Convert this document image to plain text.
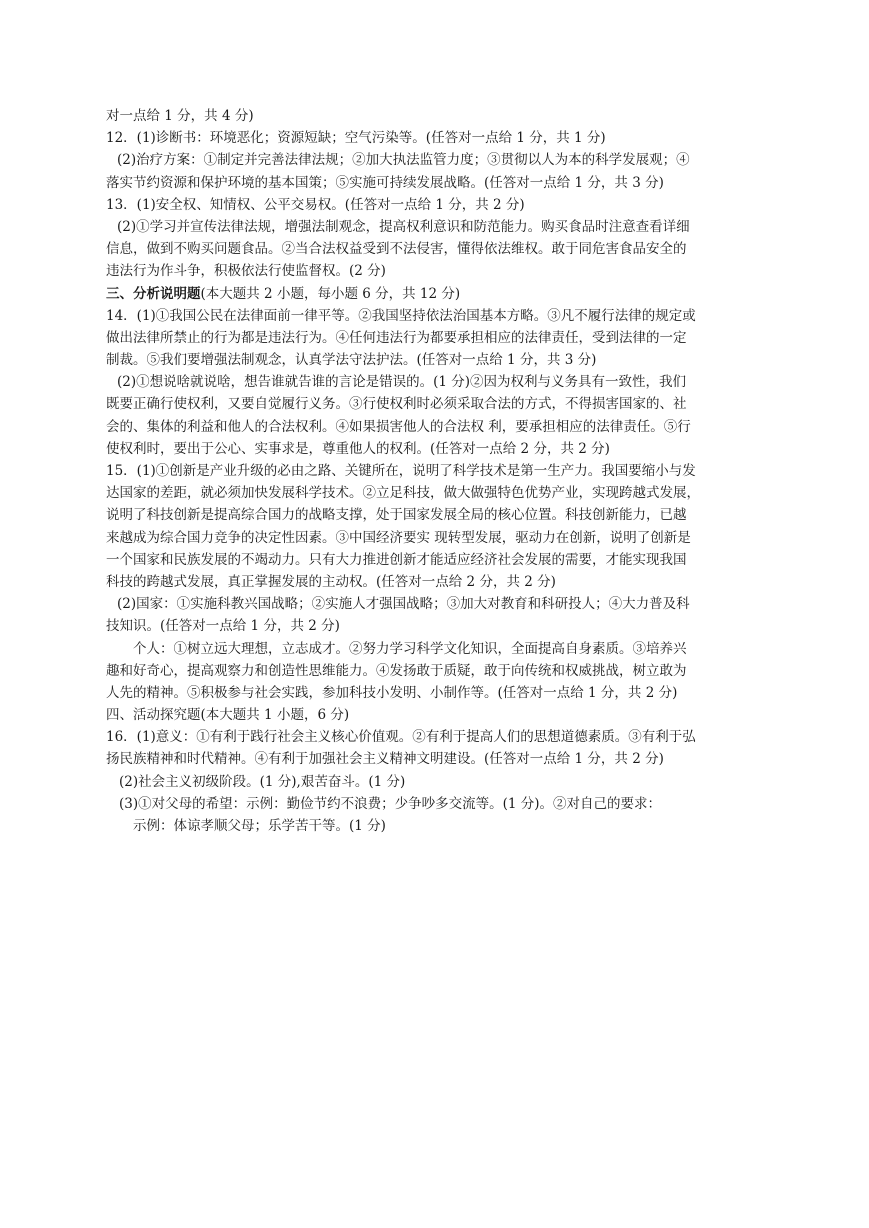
对一点给 1 分，共 4 分)
12．(1)诊断书：环境恶化；资源短缺；空气污染等。(任答对一点给 1 分，共 1 分)
(2)治疗方案：①制定并完善法律法规；②加大执法监管力度；③贯彻以人为本的科学发展观；④
落实节约资源和保护环境的基本国策；⑤实施可持续发展战略。(任答对一点给 1 分，共 3 分)
13．(1)安全权、知情权、公平交易权。(任答对一点给 1 分，共 2 分)
(2)①学习并宣传法律法规，增强法制观念，提高权利意识和防范能力。购买食品时注意查看详细
信息，做到不购买问题食品。②当合法权益受到不法侵害，懂得依法维权。敢于同危害食品安全的
违法行为作斗争，积极依法行使监督权。(2 分)
三、分析说明题(本大题共 2 小题，每小题 6 分，共 12 分)
14．(1)①我国公民在法律面前一律平等。②我国坚持依法治国基本方略。③凡不履行法律的规定或
做出法律所禁止的行为都是违法行为。④任何违法行为都要承担相应的法律责任，受到法律的一定
制裁。⑤我们要增强法制观念，认真学法守法护法。(任答对一点给 1 分，共 3 分)
(2)①想说啥就说啥，想告谁就告谁的言论是错误的。(1 分)②因为权利与义务具有一致性，我们
既要正确行使权利，又要自觉履行义务。③行使权利时必须采取合法的方式，不得损害国家的、社
会的、集体的利益和他人的合法权利。④如果损害他人的合法权 利，要承担相应的法律责任。⑤行
使权利时，要出于公心、实事求是，尊重他人的权利。(任答对一点给 2 分，共 2 分)
15．(1)①创新是产业升级的必由之路、关键所在，说明了科学技术是第一生产力。我国要缩小与发
达国家的差距，就必须加快发展科学技术。②立足科技，做大做强特色优势产业，实现跨越式发展，
说明了科技创新是提高综合国力的战略支撑，处于国家发展全局的核心位置。科技创新能力，已越
来越成为综合国力竞争的决定性因素。③中国经济要实 现转型发展，驱动力在创新，说明了创新是
一个国家和民族发展的不竭动力。只有大力推进创新才能适应经济社会发展的需要，才能实现我国
科技的跨越式发展，真正掌握发展的主动权。(任答对一点给 2 分，共 2 分)
(2)国家：①实施科教兴国战略；②实施人才强国战略；③加大对教育和科研投人；④大力普及科
技知识。(任答对一点给 1 分，共 2 分)
个人：①树立远大理想，立志成才。②努力学习科学文化知识，全面提高自身素质。③培养兴
趣和好奇心，提高观察力和创造性思维能力。④发扬敢于质疑，敢于向传统和权威挑战，树立敢为
人先的精神。⑤积极参与社会实践，参加科技小发明、小制作等。(任答对一点给 1 分，共 2 分)
四、活动探究题(本大题共 1 小题，6 分)
16．(1)意义：①有利于践行社会主义核心价值观。②有利于提高人们的思想道德素质。③有利于弘
扬民族精神和时代精神。④有利于加强社会主义精神文明建设。(任答对一点给 1 分，共 2 分)
(2)社会主义初级阶段。(1 分),艰苦奋斗。(1 分)
(3)①对父母的希望：示例：勤俭节约不浪费；少争吵多交流等。(1 分)。②对自己的要求：
示例：体谅孝顺父母；乐学苦干等。(1 分)
